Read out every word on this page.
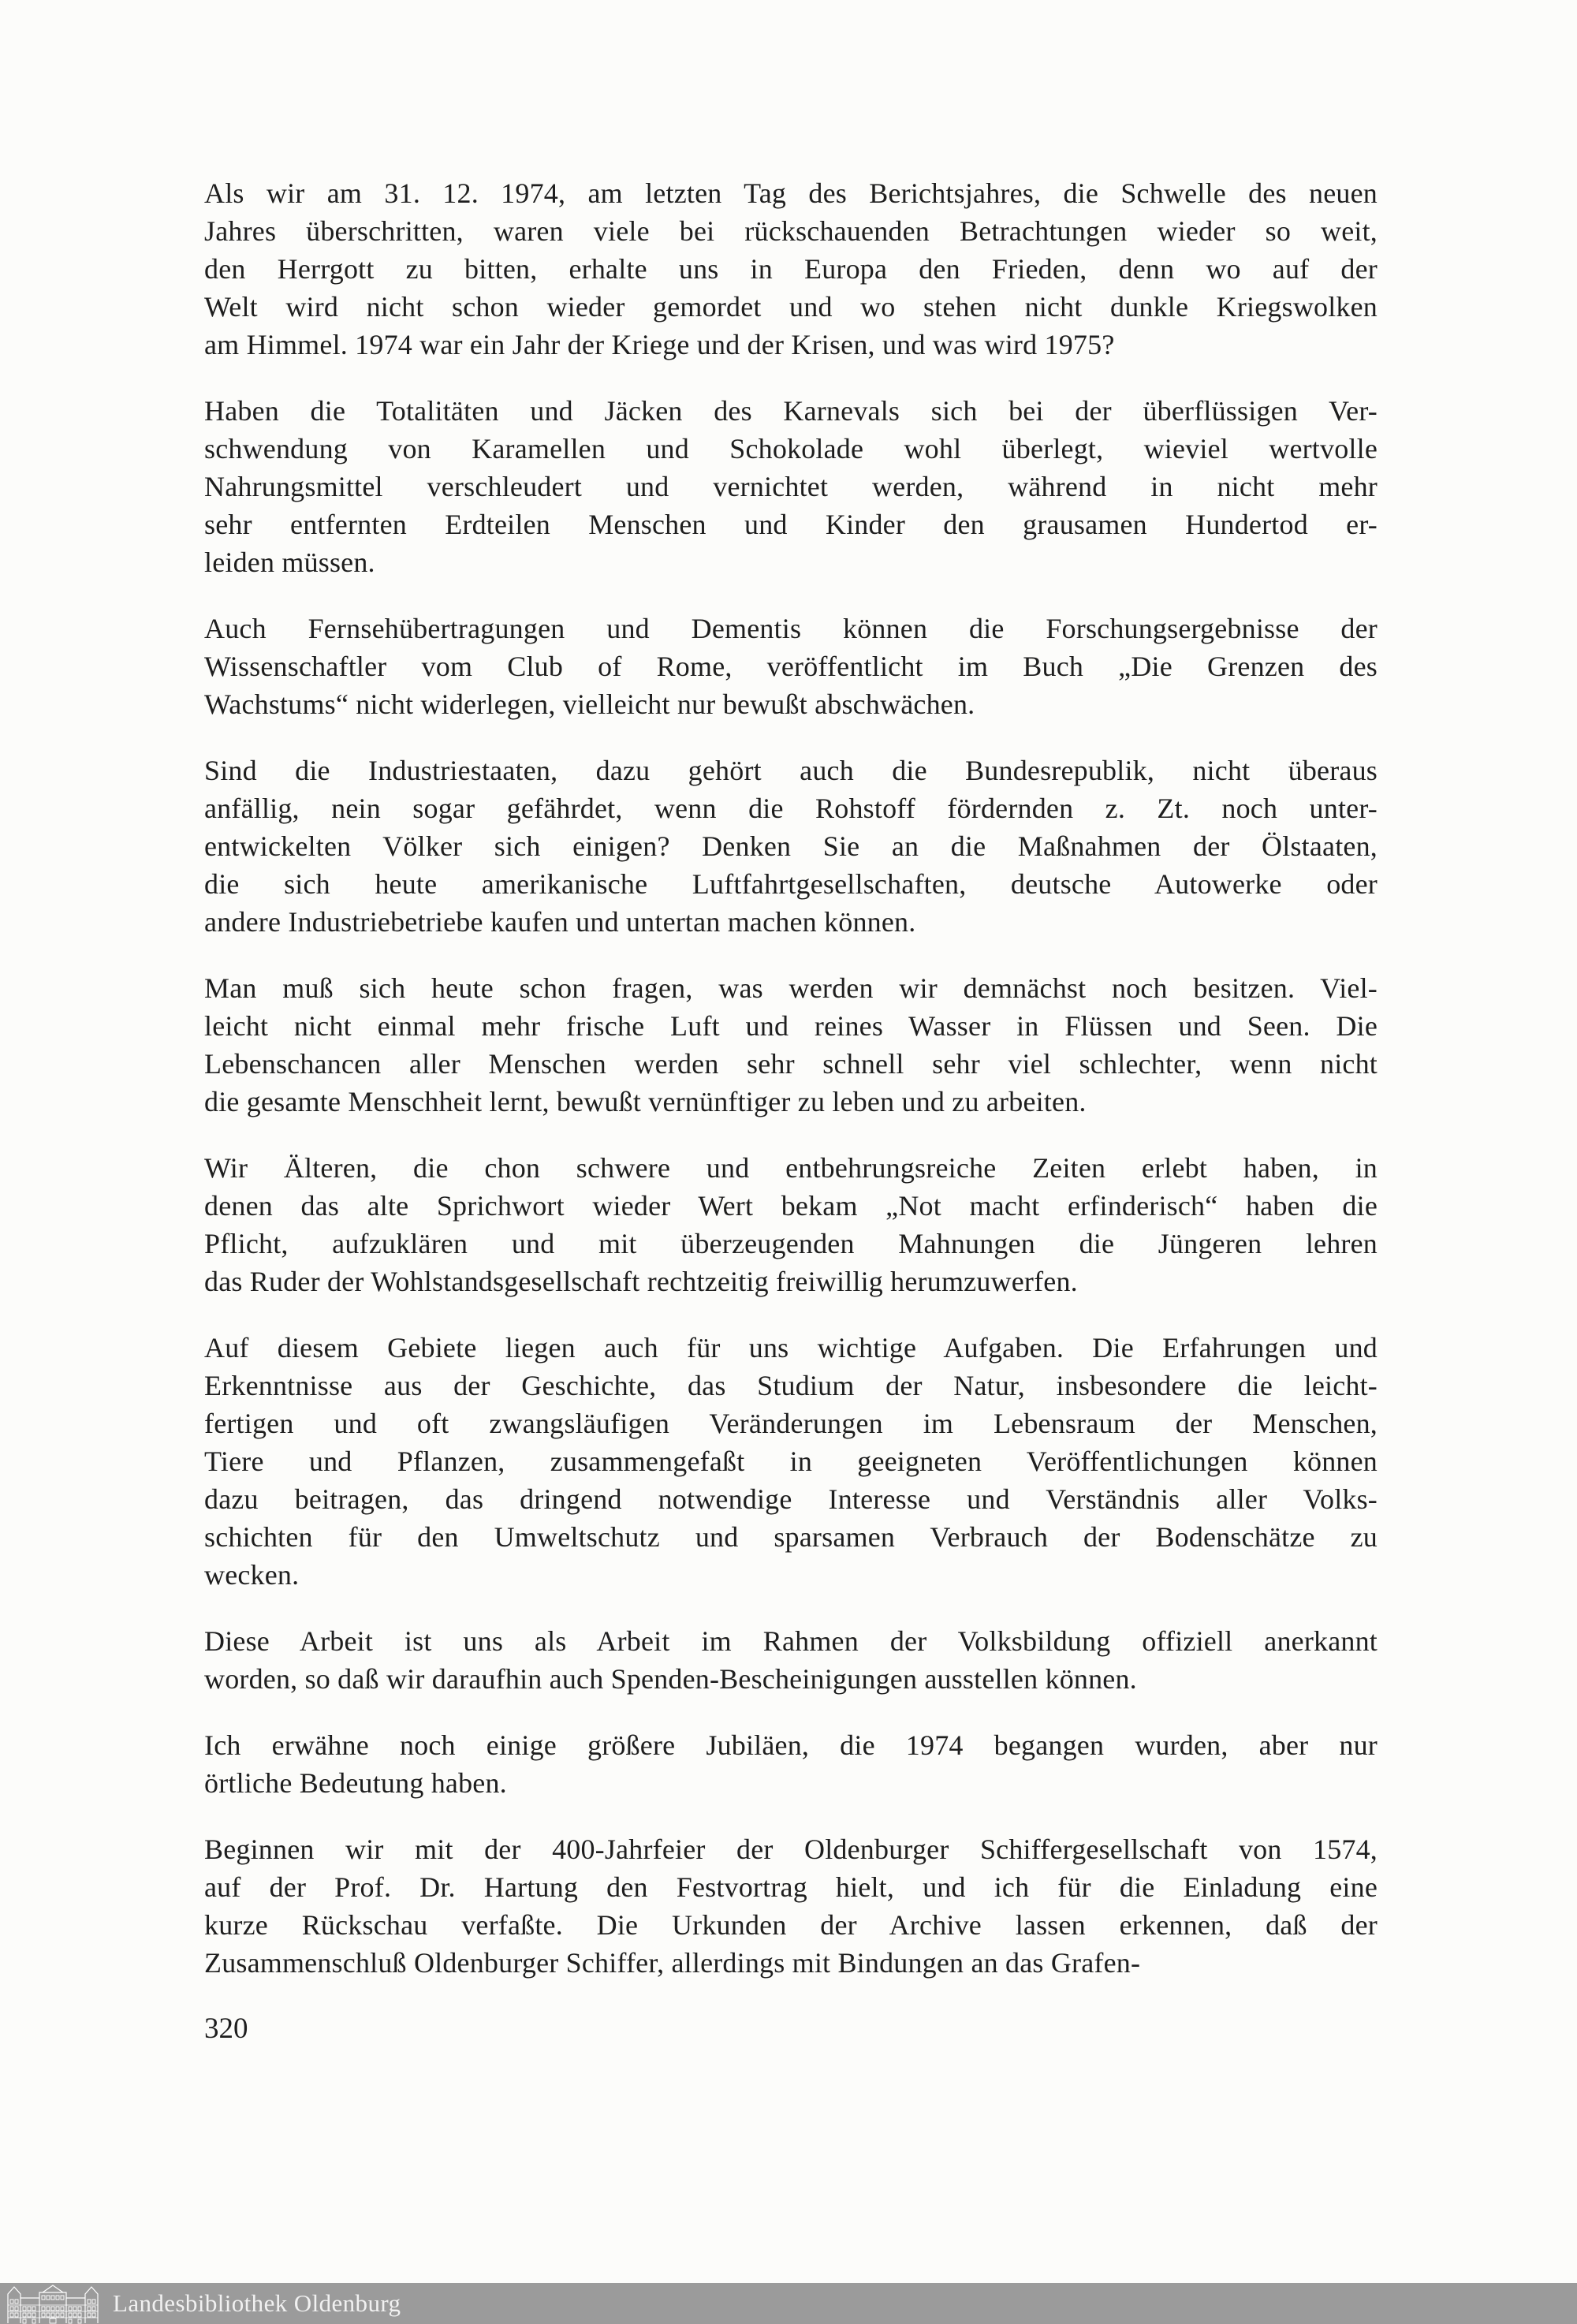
Als wir am 31. 12. 1974, am letzten Tag des Berichtsjahres, die Schwelle des neuen
Jahres überschritten, waren viele bei rückschauenden Betrachtungen wieder so weit,
den Herrgott zu bitten, erhalte uns in Europa den Frieden, denn wo auf der
Welt wird nicht schon wieder gemordet und wo stehen nicht dunkle Kriegswolken
am Himmel. 1974 war ein Jahr der Kriege und der Krisen, und was wird 1975?
Haben die Totalitäten und Jäcken des Karnevals sich bei der überflüssigen Ver-
schwendung von Karamellen und Schokolade wohl überlegt, wieviel wertvolle
Nahrungsmittel verschleudert und vernichtet werden, während in nicht mehr
sehr entfernten Erdteilen Menschen und Kinder den grausamen Hundertod er-
leiden müssen.
Auch Fernsehübertragungen und Dementis können die Forschungsergebnisse der
Wissenschaftler vom Club of Rome, veröffentlicht im Buch „Die Grenzen des
Wachstums“ nicht widerlegen, vielleicht nur bewußt abschwächen.
Sind die Industriestaaten, dazu gehört auch die Bundesrepublik, nicht überaus
anfällig, nein sogar gefährdet, wenn die Rohstoff fördernden z. Zt. noch unter-
entwickelten Völker sich einigen? Denken Sie an die Maßnahmen der Ölstaaten,
die sich heute amerikanische Luftfahrtgesellschaften, deutsche Autowerke oder
andere Industriebetriebe kaufen und untertan machen können.
Man muß sich heute schon fragen, was werden wir demnächst noch besitzen. Viel-
leicht nicht einmal mehr frische Luft und reines Wasser in Flüssen und Seen. Die
Lebenschancen aller Menschen werden sehr schnell sehr viel schlechter, wenn nicht
die gesamte Menschheit lernt, bewußt vernünftiger zu leben und zu arbeiten.
Wir Älteren, die chon schwere und entbehrungsreiche Zeiten erlebt haben, in
denen das alte Sprichwort wieder Wert bekam „Not macht erfinderisch“ haben die
Pflicht, aufzuklären und mit überzeugenden Mahnungen die Jüngeren lehren
das Ruder der Wohlstandsgesellschaft rechtzeitig freiwillig herumzuwerfen.
Auf diesem Gebiete liegen auch für uns wichtige Aufgaben. Die Erfahrungen und
Erkenntnisse aus der Geschichte, das Studium der Natur, insbesondere die leicht-
fertigen und oft zwangsläufigen Veränderungen im Lebensraum der Menschen,
Tiere und Pflanzen, zusammengefaßt in geeigneten Veröffentlichungen können
dazu beitragen, das dringend notwendige Interesse und Verständnis aller Volks-
schichten für den Umweltschutz und sparsamen Verbrauch der Bodenschätze zu
wecken.
Diese Arbeit ist uns als Arbeit im Rahmen der Volksbildung offiziell anerkannt
worden, so daß wir daraufhin auch Spenden-Bescheinigungen ausstellen können.
Ich erwähne noch einige größere Jubiläen, die 1974 begangen wurden, aber nur
örtliche Bedeutung haben.
Beginnen wir mit der 400-Jahrfeier der Oldenburger Schiffergesellschaft von 1574,
auf der Prof. Dr. Hartung den Festvortrag hielt, und ich für die Einladung eine
kurze Rückschau verfaßte. Die Urkunden der Archive lassen erkennen, daß der
Zusammenschluß Oldenburger Schiffer, allerdings mit Bindungen an das Grafen-
320
Landesbibliothek Oldenburg
